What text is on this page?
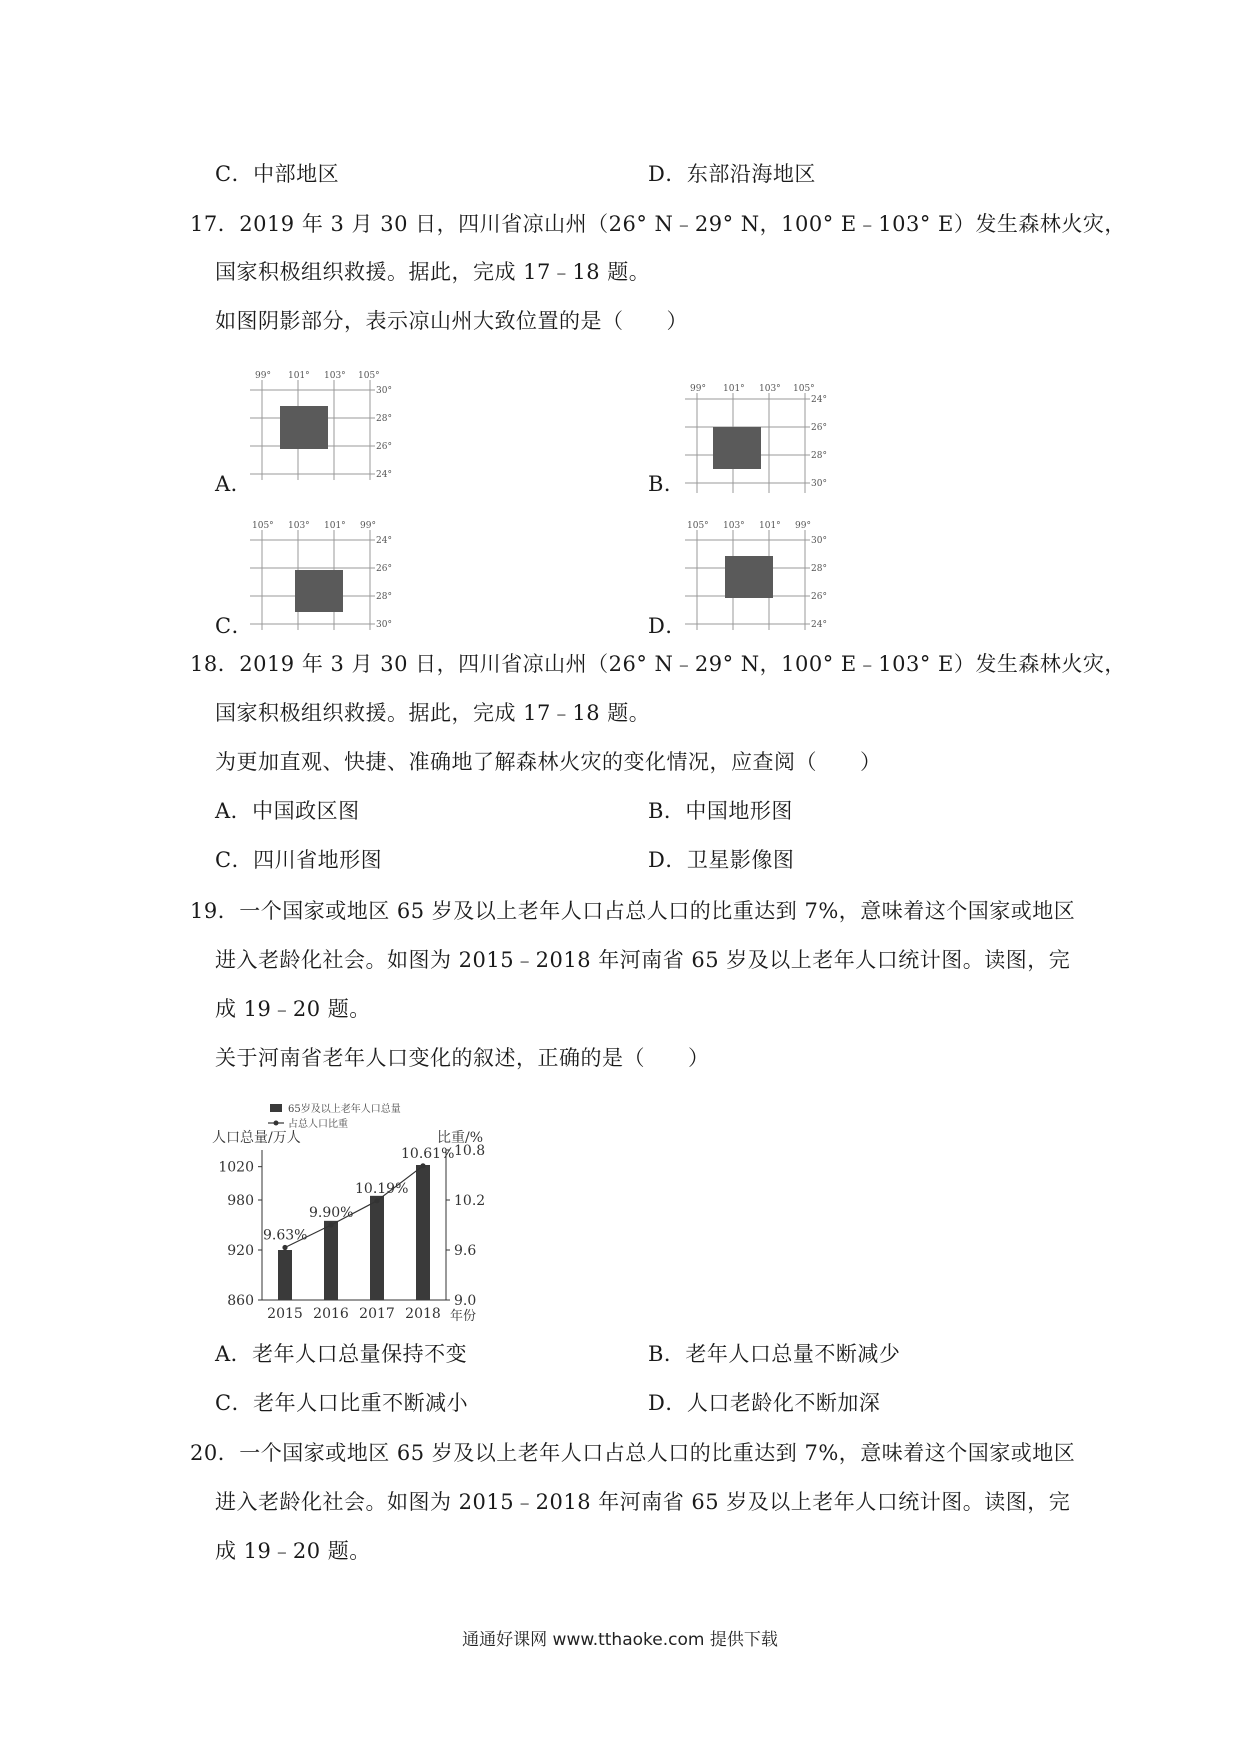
C．中部地区	D．东部沿海地区
17．2019 年 3 月 30 日，四川省凉山州（26° N﹣29° N，100° E﹣103° E）发生森林火灾，
国家积极组织救援。据此，完成 17﹣18 题。
如图阴影部分，表示凉山州大致位置的是（　　）
A．	B．
C．	D．
99° 101° 103° 105°
30°
28°
26°
24°
99° 101° 103° 105°
24°
26°
28°
30°
105° 103° 101° 99°
24°
26°
28°
30°
105° 103° 101° 99°
30°
28°
26°
24°
18．2019 年 3 月 30 日，四川省凉山州（26° N﹣29° N，100° E﹣103° E）发生森林火灾，
国家积极组织救援。据此，完成 17﹣18 题。
为更加直观、快捷、准确地了解森林火灾的变化情况，应查阅（　　）
A．中国政区图	B．中国地形图
C．四川省地形图	D．卫星影像图
19．一个国家或地区 65 岁及以上老年人口占总人口的比重达到 7%，意味着这个国家或地区
进入老龄化社会。如图为 2015﹣2018 年河南省 65 岁及以上老年人口统计图。读图，完
成 19﹣20 题。
关于河南省老年人口变化的叙述，正确的是（　　）
65岁及以上老年人口总量
占总人口比重
人口总量/万人	比重/%
860
920
980
1020
9.0
9.6
10.2
10.8
9.63%
9.90%
10.19%
10.61%
2015 2016 2017 2018 年份
A．老年人口总量保持不变	B．老年人口总量不断减少
C．老年人口比重不断减小	D．人口老龄化不断加深
20．一个国家或地区 65 岁及以上老年人口占总人口的比重达到 7%，意味着这个国家或地区
进入老龄化社会。如图为 2015﹣2018 年河南省 65 岁及以上老年人口统计图。读图，完
成 19﹣20 题。
通通好课网 www.tthaoke.com 提供下载
